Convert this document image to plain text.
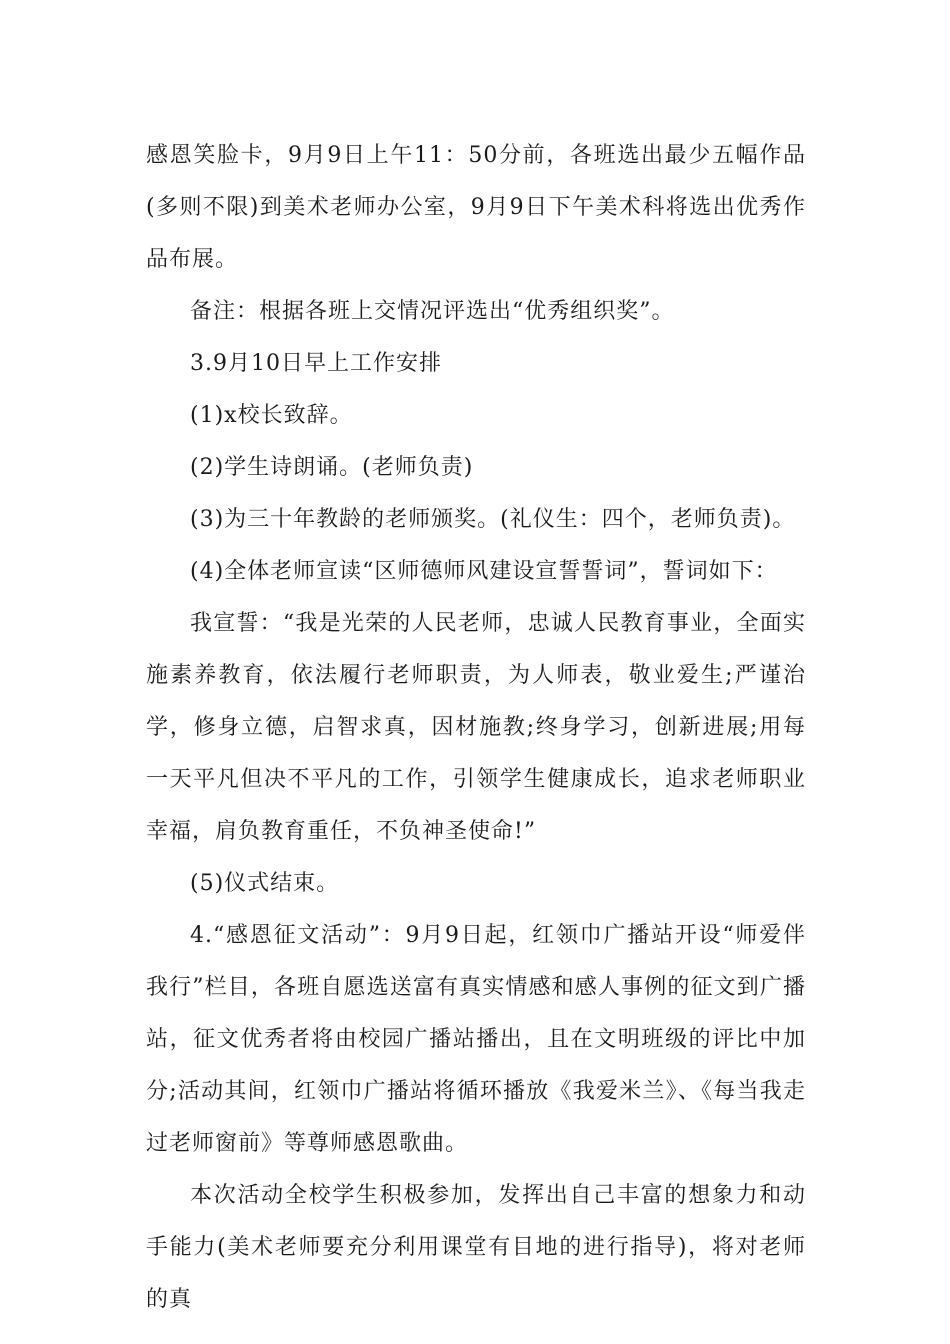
感恩笑脸卡，9月9日上午11：50分前，各班选出最少五幅作品(多则不限)到美术老师办公室，9月9日下午美术科将选出优秀作品布展。

备注：根据各班上交情况评选出“优秀组织奖”。

3.9月10日早上工作安排

(1)x校长致辞。

(2)学生诗朗诵。(老师负责)

(3)为三十年教龄的老师颁奖。(礼仪生：四个，老师负责)。

(4)全体老师宣读“区师德师风建设宣誓誓词”，誓词如下：

我宣誓：“我是光荣的人民老师，忠诚人民教育事业，全面实施素养教育，依法履行老师职责，为人师表，敬业爱生;严谨治学，修身立德，启智求真，因材施教;终身学习，创新进展;用每一天平凡但决不平凡的工作，引领学生健康成长，追求老师职业幸福，肩负教育重任，不负神圣使命!”

(5)仪式结束。

4.“感恩征文活动”：9月9日起，红领巾广播站开设“师爱伴我行”栏目，各班自愿选送富有真实情感和感人事例的征文到广播站，征文优秀者将由校园广播站播出，且在文明班级的评比中加分;活动其间，红领巾广播站将循环播放《我爱米兰》、《每当我走过老师窗前》等尊师感恩歌曲。

本次活动全校学生积极参加，发挥出自己丰富的想象力和动手能力(美术老师要充分利用课堂有目地的进行指导)，将对老师的真
